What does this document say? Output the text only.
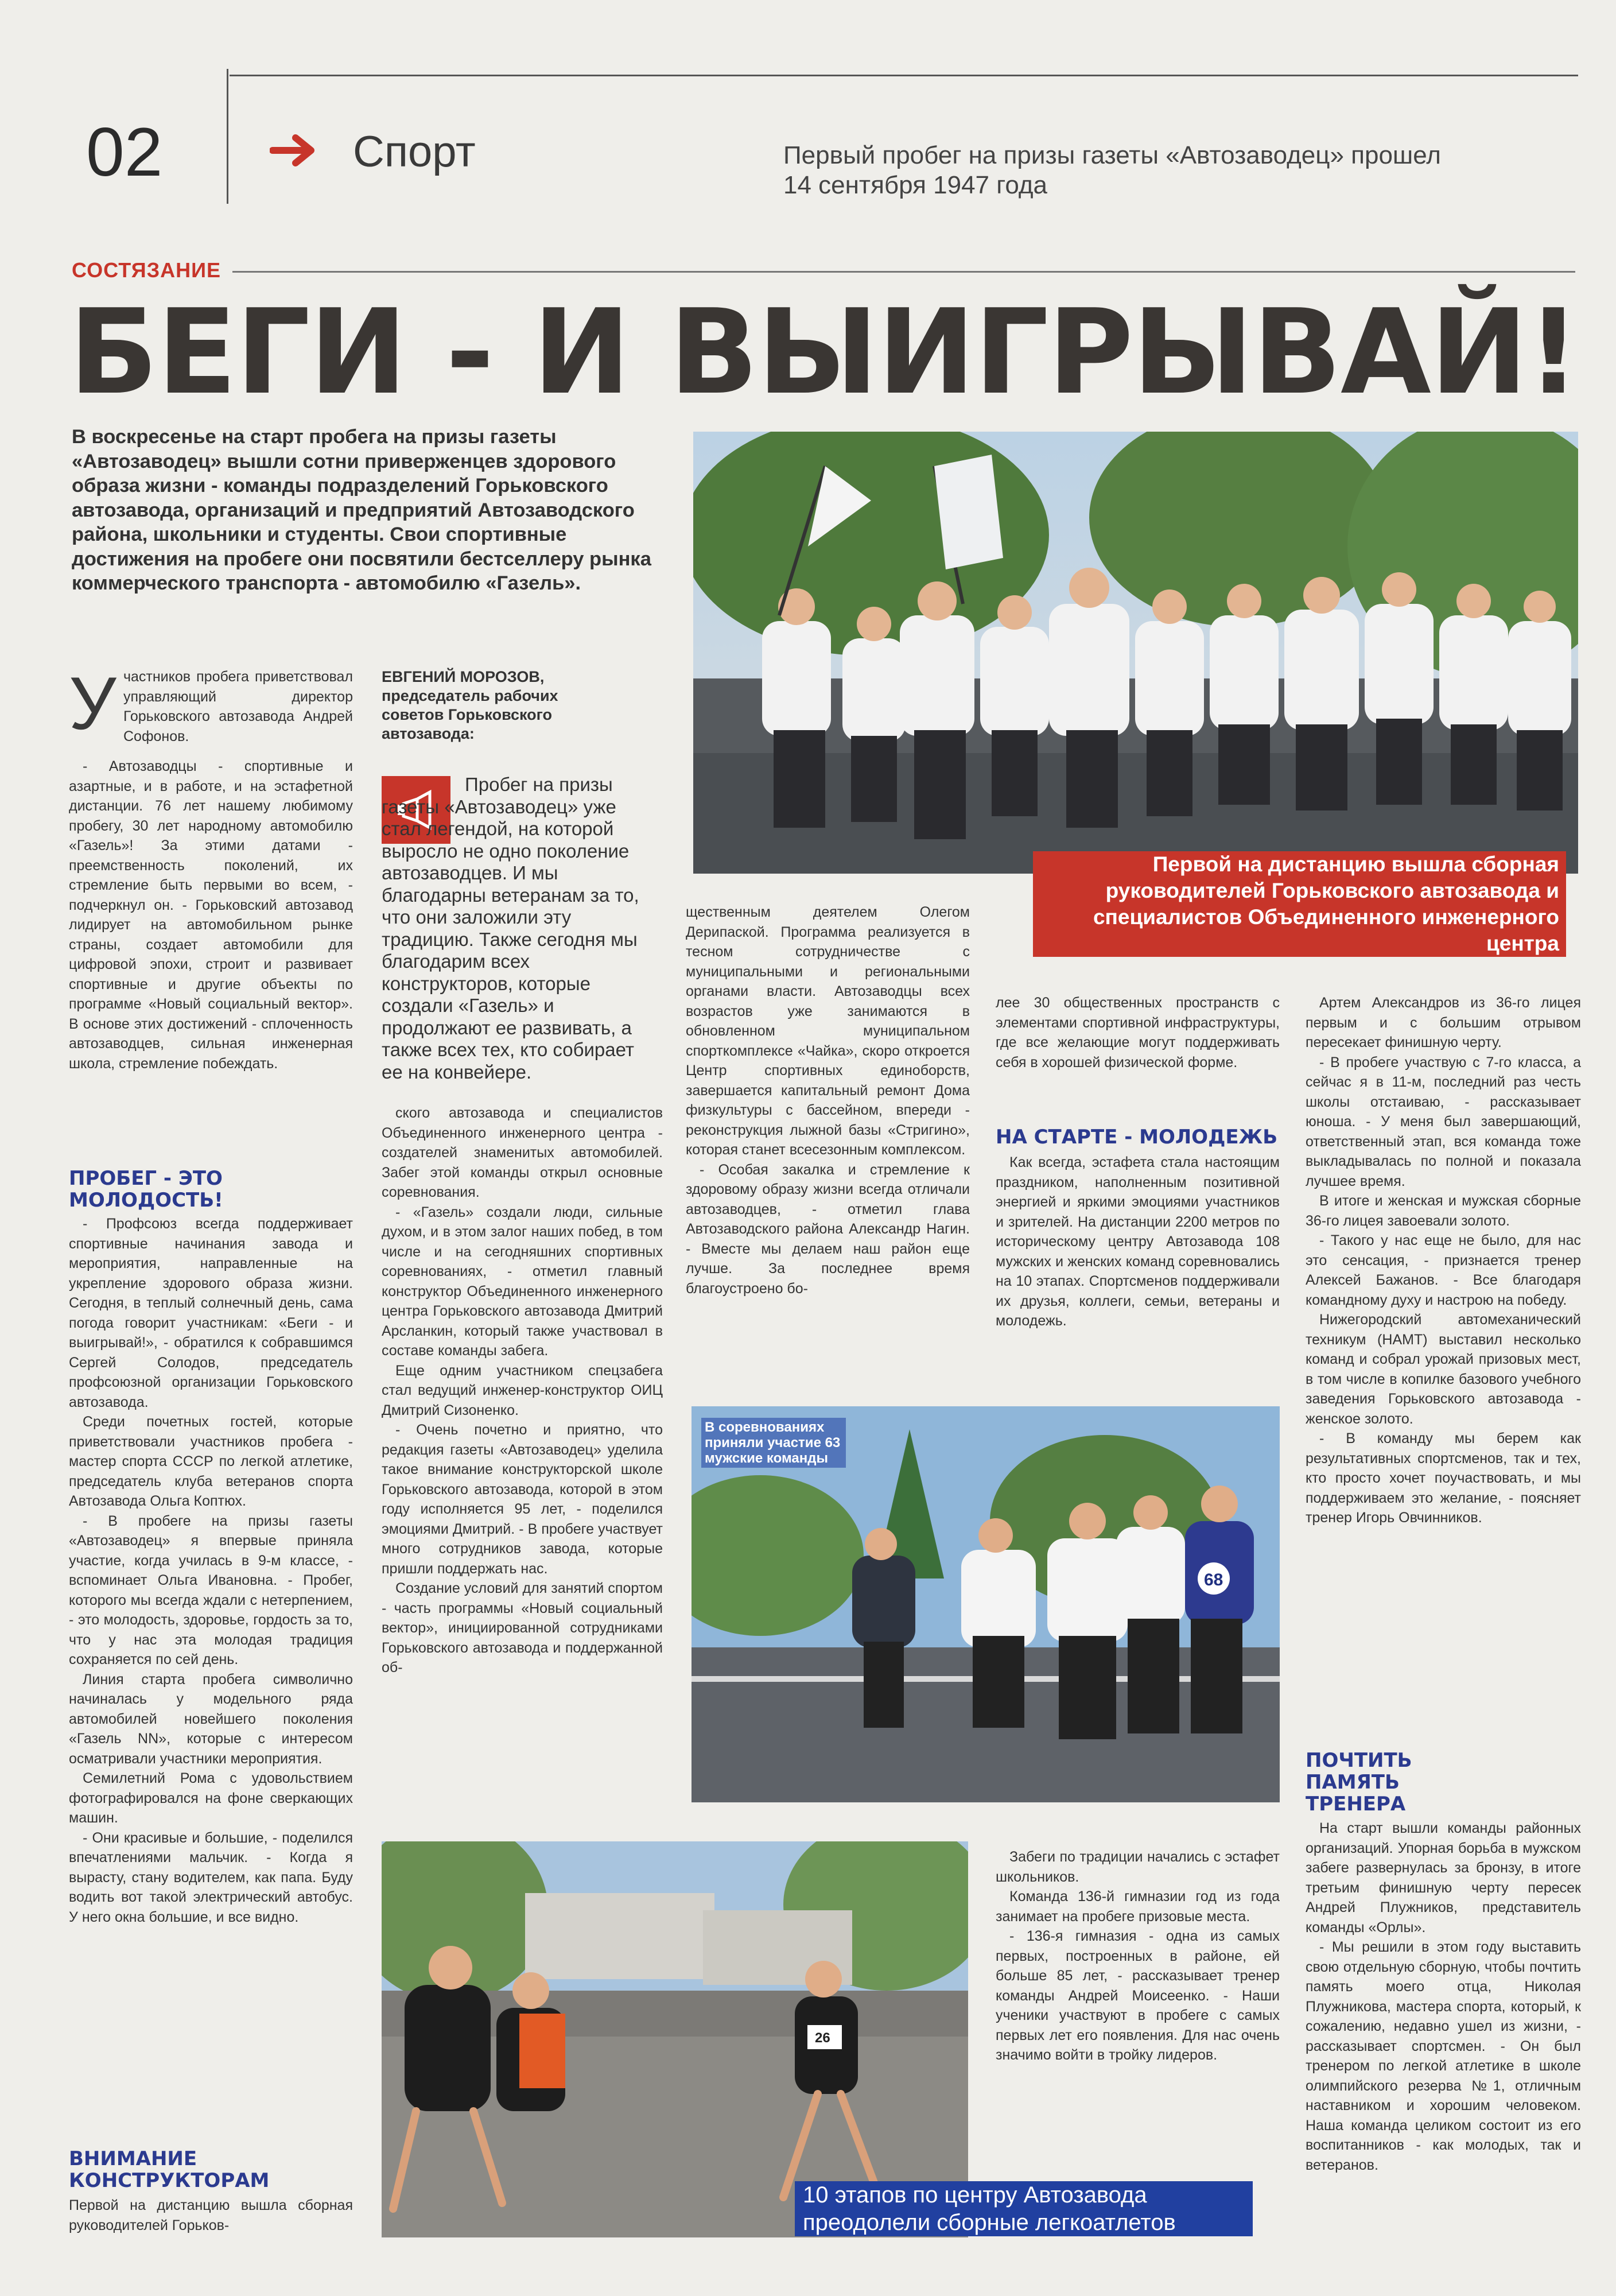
02	Спорт	Первый пробег на призы газеты «Автозаводец» прошел 14 сентября 1947 года
СОСТЯЗАНИЕ
БЕГИ - И ВЫИГРЫВАЙ!
В воскресенье на старт пробега на призы газеты «Автозаводец» вышли сотни приверженцев здорового образа жизни - команды подразделений Горьковского автозавода, организаций и предприятий Автозаводского района, школьники и студенты. Свои спортивные достижения на пробеге они посвятили бестселлеру рынка коммерческого транспорта - автомобилю «Газель».
Первой на дистанцию вышла сборная руководителей Горьковского автозавода и специалистов Объединенного инженерного центра
У частников пробега приветствовал управляющий директор Горьковского автозавода Андрей Софонов.

- Автозаводцы - спортивные и азартные, и в работе, и на эстафетной дистанции. 76 лет нашему любимому пробегу, 30 лет народному автомобилю «Газель»! За этими датами - преемственность поколений, их стремление быть первыми во всем, - подчеркнул он. - Горьковский автозавод лидирует на автомобильном рынке страны, создает автомобили для цифровой эпохи, строит и развивает спортивные и другие объекты по программе «Новый социальный вектор». В основе этих достижений - сплоченность автозаводцев, сильная инженерная школа, стремление побеждать.

ПРОБЕГ - ЭТО МОЛОДОСТЬ!

- Профсоюз всегда поддерживает спортивные начинания завода и мероприятия, направленные на укрепление здорового образа жизни. Сегодня, в теплый солнечный день, сама погода говорит участникам: «Беги - и выигрывай!», - обратился к собравшимся Сергей Солодов, председатель профсоюзной организации Горьковского автозавода.

Среди почетных гостей, которые приветствовали участников пробега - мастер спорта СССР по легкой атлетике, председатель клуба ветеранов спорта Автозавода Ольга Коптюх.

- В пробеге на призы газеты «Автозаводец» я впервые приняла участие, когда училась в 9-м классе, - вспоминает Ольга Ивановна. - Пробег, которого мы всегда ждали с нетерпением, - это молодость, здоровье, гордость за то, что у нас эта молодая традиция сохраняется по сей день.

Линия старта пробега символично начиналась у модельного ряда автомобилей новейшего поколения «Газель NN», которые с интересом осматривали участники мероприятия.

Семилетний Рома с удовольствием фотографировался на фоне сверкающих машин.

- Они красивые и большие, - поделился впечатлениями мальчик. - Когда я вырасту, стану водителем, как папа. Буду водить вот такой электрический автобус. У него окна большие, и все видно.

ВНИМАНИЕ КОНСТРУКТОРАМ
Первой на дистанцию вышла сборная руководителей Горьков-
ЕВГЕНИЙ МОРОЗОВ, председатель рабочих советов Горьковского автозавода:
Пробег на призы газеты «Автозаводец» уже стал легендой, на которой выросло не одно поколение автозаводцев. И мы благодарны ветеранам за то, что они заложили эту традицию. Также сегодня мы благодарим всех конструкторов, которые создали «Газель» и продолжают ее развивать, а также всех тех, кто собирает ее на конвейере.

ского автозавода и специалистов Объединенного инженерного центра - создателей знаменитых автомобилей. Забег этой команды открыл основные соревнования.

- «Газель» создали люди, сильные духом, и в этом залог наших побед, в том числе и на сегодняшних спортивных соревнованиях, - отметил главный конструктор Объединенного инженерного центра Горьковского автозавода Дмитрий Арсланкин, который также участвовал в составе команды забега.

Еще одним участником спецзабега стал ведущий инженер-конструктор ОИЦ Дмитрий Сизоненко.

- Очень почетно и приятно, что редакция газеты «Автозаводец» уделила такое внимание конструкторской школе Горьковского автозавода, которой в этом году исполняется 95 лет, - поделился эмоциями Дмитрий. - В пробеге участвует много сотрудников завода, которые пришли поддержать нас.

Создание условий для занятий спортом - часть программы «Новый социальный вектор», инициированной сотрудниками Горьковского автозавода и поддержанной об-

щественным деятелем Олегом Дерипаской. Программа реализуется в тесном сотрудничестве с муниципальными и региональными органами власти. Автозаводцы всех возрастов уже занимаются в обновленном муниципальном спорткомплексе «Чайка», скоро откроется Центр спортивных единоборств, завершается капитальный ремонт Дома физкультуры с бассейном, впереди - реконструкция лыжной базы «Стригино», которая станет всесезонным комплексом.

- Особая закалка и стремление к здоровому образу жизни всегда отличали автозаводцев, - отметил глава Автозаводского района Александр Нагин. - Вместе мы делаем наш район еще лучше. За последнее время благоустроено бо-

лее 30 общественных пространств с элементами спортивной инфраструктуры, где все желающие могут поддерживать себя в хорошей физической форме.

НА СТАРТЕ - МОЛОДЕЖЬ

Как всегда, эстафета стала настоящим праздником, наполненным позитивной энергией и яркими эмоциями участников и зрителей. На дистанции 2200 метров по историческому центру Автозавода 108 мужских и женских команд соревновались на 10 этапах. Спортсменов поддерживали их друзья, коллеги, семьи, ветераны и молодежь.

68
В соревнованиях приняли участие 63 мужские команды

Артем Александров из 36-го лицея первым и с большим отрывом пересекает финишную черту.

- В пробеге участвую с 7-го класса, а сейчас я в 11-м, последний раз честь школы отстаиваю, - рассказывает юноша. - У меня был завершающий, ответственный этап, вся команда тоже выкладывалась по полной и показала лучшее время.

В итоге и женская и мужская сборные 36-го лицея завоевали золото.

- Такого у нас еще не было, для нас это сенсация, - признается тренер Алексей Бажанов. - Все благодаря командному духу и настрою на победу.

Нижегородский автомеханический техникум (НАМТ) выставил несколько команд и собрал урожай призовых мест, в том числе в копилке базового учебного заведения Горьковского автозавода - женское золото.

- В команду мы берем как результативных спортсменов, так и тех, кто просто хочет поучаствовать, и мы поддерживаем это желание, - поясняет тренер Игорь Овчинников.

ПОЧТИТЬ ПАМЯТЬ ТРЕНЕРА

На старт вышли команды районных организаций. Упорная борьба в мужском забеге развернулась за бронзу, в итоге третьим финишную черту пересек Андрей Плужников, представитель команды «Орлы».

- Мы решили в этом году выставить свою отдельную сборную, чтобы почтить память моего отца, Николая Плужникова, мастера спорта, который, к сожалению, недавно ушел из жизни, - рассказывает спортсмен. - Он был тренером по легкой атлетике в школе олимпийского резерва №1, отличным наставником и хорошим человеком. Наша команда целиком состоит из его воспитанников - как молодых, так и ветеранов.

26
10 этапов по центру Автозавода преодолели сборные легкоатлетов

Забеги по традиции начались с эстафет школьников.

Команда 136-й гимназии год из года занимает на пробеге призовые места.

- 136-я гимназия - одна из самых первых, построенных в районе, ей больше 85 лет, - рассказывает тренер команды Андрей Моисеенко. - Наши ученики участвуют в пробеге с самых первых лет его появления. Для нас очень значимо войти в тройку лидеров.
